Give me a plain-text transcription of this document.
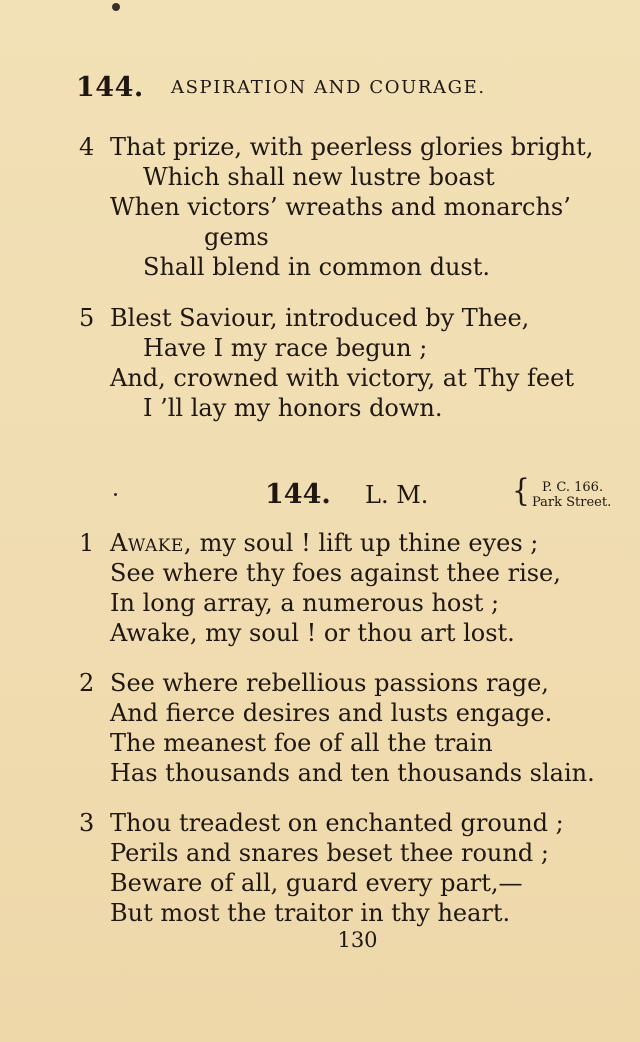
144. ASPIRATION AND COURAGE.
4 That prize, with peerless glories bright,
Which shall new lustre boast
When victors’ wreaths and monarchs’
gems
Shall blend in common dust.
5 Blest Saviour, introduced by Thee,
Have I my race begun ;
And, crowned with victory, at Thy feet
I ’ll lay my honors down.
144. L. M.	{ P. C. 166.
Park Street.
1 Awake, my soul ! lift up thine eyes ;
See where thy foes against thee rise,
In long array, a numerous host ;
Awake, my soul ! or thou art lost.
2 See where rebellious passions rage,
And fierce desires and lusts engage.
The meanest foe of all the train
Has thousands and ten thousands slain.
3 Thou treadest on enchanted ground ;
Perils and snares beset thee round ;
Beware of all, guard every part,—
But most the traitor in thy heart.
130
